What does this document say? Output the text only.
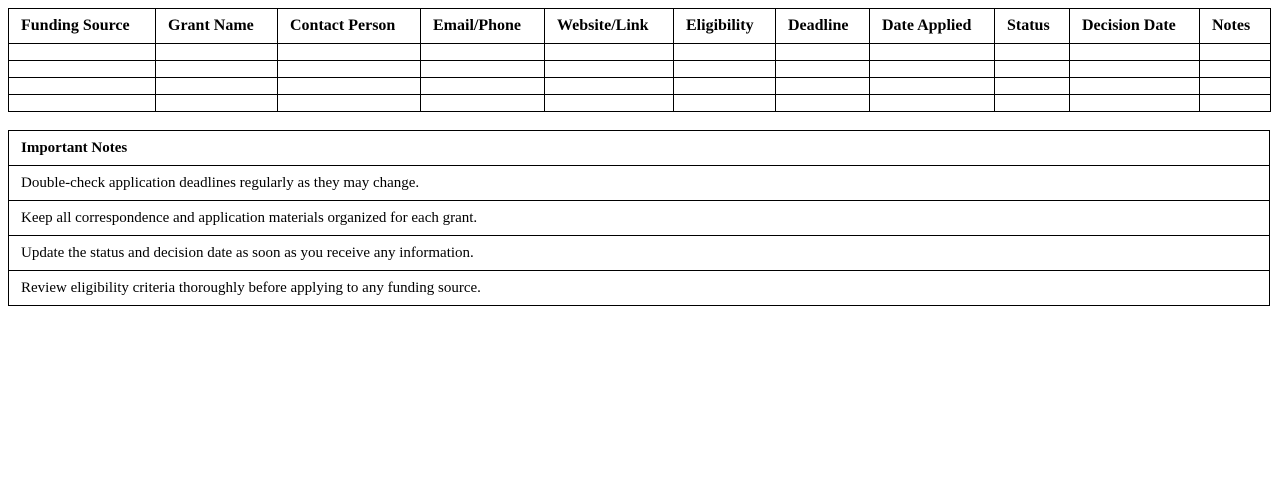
Funding Source	Grant Name	Contact Person	Email/Phone	Website/Link	Eligibility	Deadline	Date Applied	Status	Decision Date	Notes

Important Notes
Double-check application deadlines regularly as they may change.
Keep all correspondence and application materials organized for each grant.
Update the status and decision date as soon as you receive any information.
Review eligibility criteria thoroughly before applying to any funding source.
